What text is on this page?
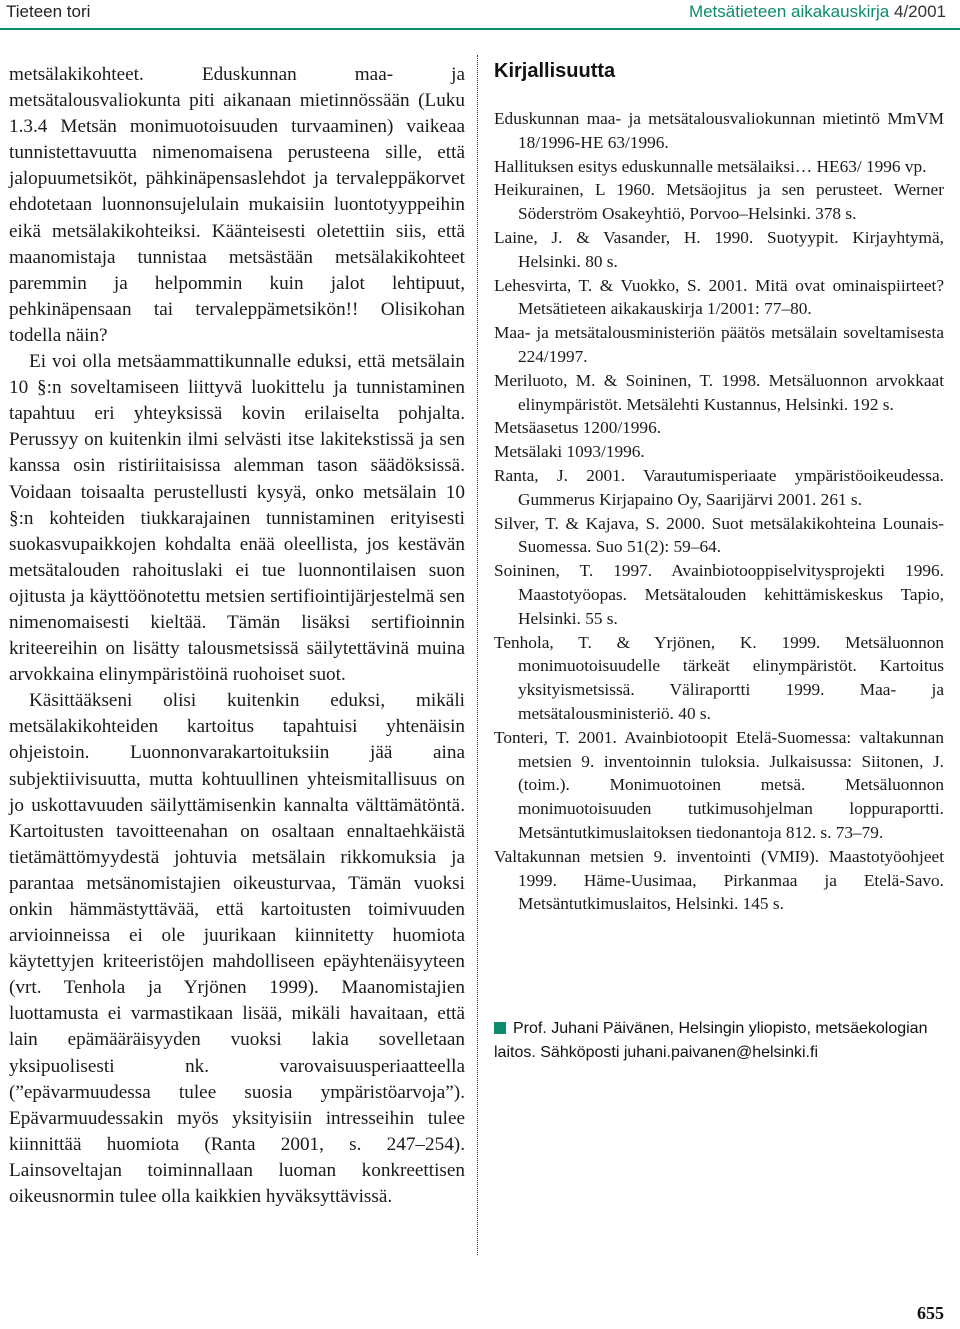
Tieteen tori	Metsätieteen aikakauskirja 4/2001

metsälakikohteet. Eduskunnan maa- ja metsätalousvaliokunta piti aikanaan mietinnössään (Luku 1.3.4 Metsän monimuotoisuuden turvaaminen) vaikeaa tunnistettavuutta nimenomaisena perusteena sille, että jalopuumetsiköt, pähkinäpensaslehdot ja tervaleppäkorvet ehdotetaan luonnonsujelulain mukaisiin luontotyyppeihin eikä metsälakikohteiksi. Käänteisesti oletettiin siis, että maanomistaja tunnistaa metsästään metsälakikohteet paremmin ja helpommin kuin jalot lehtipuut, pehkinäpensaan tai tervaleppämetsikön!! Olisikohan todella näin?

Ei voi olla metsäammattikunnalle eduksi, että metsälain 10 §:n soveltamiseen liittyvä luokittelu ja tunnistaminen tapahtuu eri yhteyksissä kovin erilaiselta pohjalta. Perussyy on kuitenkin ilmi selvästi itse lakitekstissä ja sen kanssa osin ristiriitaisissa alemman tason säädöksissä. Voidaan toisaalta perustellusti kysyä, onko metsälain 10 §:n kohteiden tiukkarajainen tunnistaminen erityisesti suokasvupaikkojen kohdalta enää oleellista, jos kestävän metsätalouden rahoituslaki ei tue luonnontilaisen suon ojitusta ja käyttöönotettu metsien sertifiointijärjestelmä sen nimenomaisesti kieltää. Tämän lisäksi sertifioinnin kriteereihin on lisätty talousmetsissä säilytettävinä muina arvokkaina elinympäristöinä ruohoiset suot.

Käsittääkseni olisi kuitenkin eduksi, mikäli metsälakikohteiden kartoitus tapahtuisi yhtenäisin ohjeistoin. Luonnonvarakartoituksiin jää aina subjektiivisuutta, mutta kohtuullinen yhteismitallisuus on jo uskottavuuden säilyttämisenkin kannalta välttämätöntä. Kartoitusten tavoitteenahan on osaltaan ennaltaehkäistä tietämättömyydestä johtuvia metsälain rikkomuksia ja parantaa metsänomistajien oikeusturvaa, Tämän vuoksi onkin hämmästyttävää, että kartoitusten toimivuuden arvioinneissa ei ole juurikaan kiinnitetty huomiota käytettyjen kriteeristöjen mahdolliseen epäyhtenäisyyteen (vrt. Tenhola ja Yrjönen 1999). Maanomistajien luottamusta ei varmastikaan lisää, mikäli havaitaan, että lain epämääräisyyden vuoksi lakia sovelletaan yksipuolisesti nk. varovaisuusperiaatteella (”epävarmuudessa tulee suosia ympäristöarvoja”). Epävarmuudessakin myös yksityisiin intresseihin tulee kiinnittää huomiota (Ranta 2001, s. 247–254). Lainsoveltajan toiminnallaan luoman konkreettisen oikeusnormin tulee olla kaikkien hyväksyttävissä.

Kirjallisuutta
Eduskunnan maa- ja metsätalousvaliokunnan mietintö MmVM 18/1996-HE 63/1996.
Hallituksen esitys eduskunnalle metsälaiksi… HE63/ 1996 vp.
Heikurainen, L 1960. Metsäojitus ja sen perusteet. Werner Söderström Osakeyhtiö, Porvoo–Helsinki. 378 s.
Laine, J. & Vasander, H. 1990. Suotyypit. Kirjayhtymä, Helsinki. 80 s.
Lehesvirta, T. & Vuokko, S. 2001. Mitä ovat ominaispiirteet? Metsätieteen aikakauskirja 1/2001: 77–80.
Maa- ja metsätalousministeriön päätös metsälain soveltamisesta 224/1997.
Meriluoto, M. & Soininen, T. 1998. Metsäluonnon arvokkaat elinympäristöt. Metsälehti Kustannus, Helsinki. 192 s.
Metsäasetus 1200/1996.
Metsälaki 1093/1996.
Ranta, J. 2001. Varautumisperiaate ympäristöoikeudessa. Gummerus Kirjapaino Oy, Saarijärvi 2001. 261 s.
Silver, T. & Kajava, S. 2000. Suot metsälakikohteina Lounais-Suomessa. Suo 51(2): 59–64.
Soininen, T. 1997. Avainbiotooppiselvitysprojekti 1996. Maastotyöopas. Metsätalouden kehittämiskeskus Tapio, Helsinki. 55 s.
Tenhola, T. & Yrjönen, K. 1999. Metsäluonnon monimuotoisuudelle tärkeät elinympäristöt. Kartoitus yksityismetsissä. Väliraportti 1999. Maa- ja metsätalousministeriö. 40 s.
Tonteri, T. 2001. Avainbiotoopit Etelä-Suomessa: valtakunnan metsien 9. inventoinnin tuloksia. Julkaisussa: Siitonen, J. (toim.). Monimuotoinen metsä. Metsäluonnon monimuotoisuuden tutkimusohjelman loppuraportti. Metsäntutkimuslaitoksen tiedonantoja 812. s. 73–79.
Valtakunnan metsien 9. inventointi (VMI9). Maastotyöohjeet 1999. Häme-Uusimaa, Pirkanmaa ja Etelä-Savo. Metsäntutkimuslaitos, Helsinki. 145 s.
Prof. Juhani Päivänen, Helsingin yliopisto, metsäekologian laitos. Sähköposti juhani.paivanen@helsinki.fi
655
